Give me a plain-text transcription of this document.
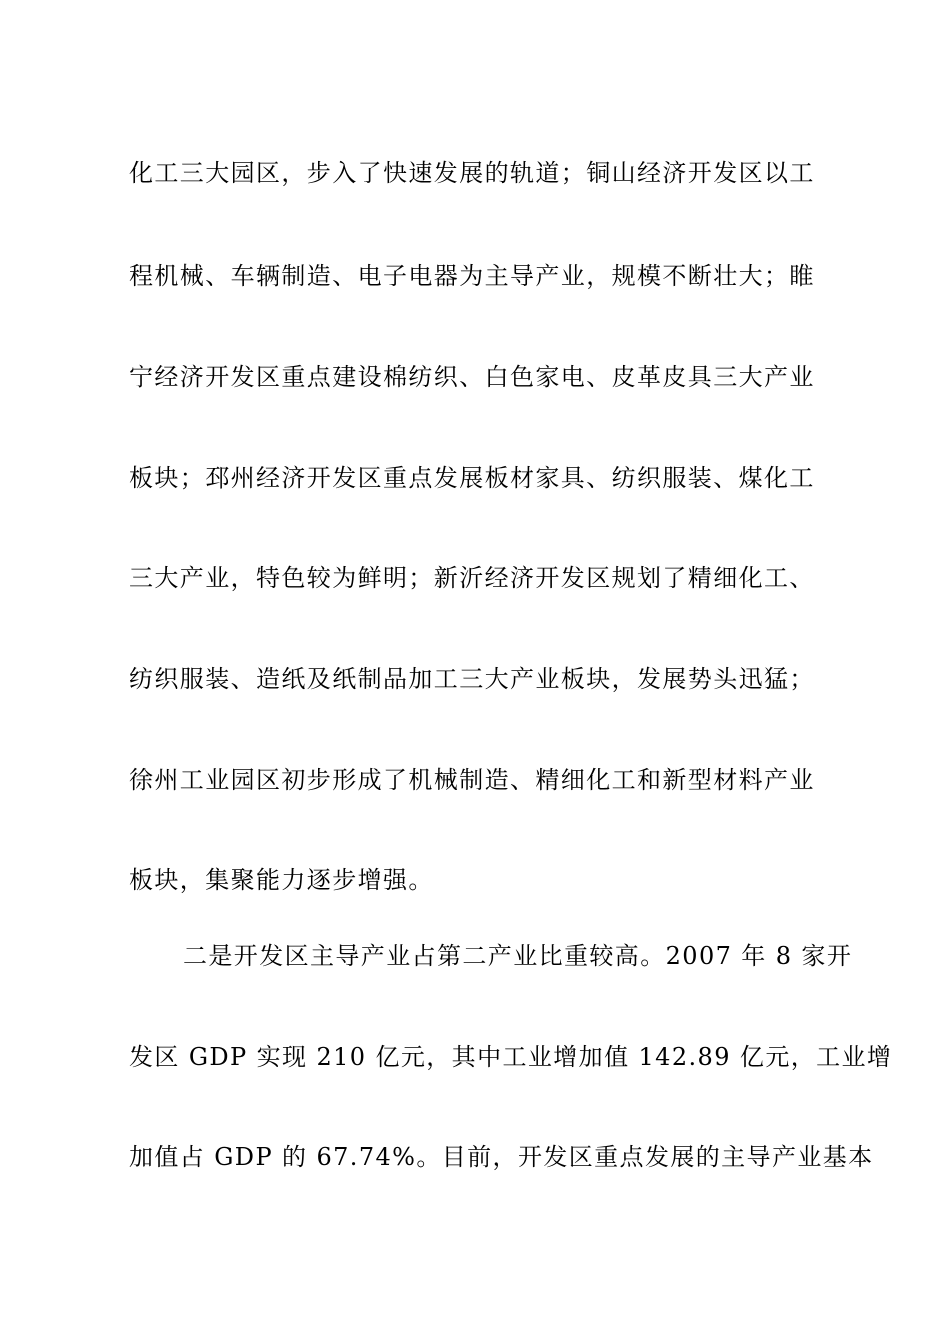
化工三大园区，步入了快速发展的轨道；铜山经济开发区以工
程机械、车辆制造、电子电器为主导产业，规模不断壮大；睢
宁经济开发区重点建设棉纺织、白色家电、皮革皮具三大产业
板块；邳州经济开发区重点发展板材家具、纺织服装、煤化工
三大产业，特色较为鲜明；新沂经济开发区规划了精细化工、
纺织服装、造纸及纸制品加工三大产业板块，发展势头迅猛；
徐州工业园区初步形成了机械制造、精细化工和新型材料产业
板块，集聚能力逐步增强。
二是开发区主导产业占第二产业比重较高。2007 年 8 家开
发区 GDP 实现 210 亿元，其中工业增加值 142.89 亿元，工业增
加值占 GDP 的 67.74%。目前，开发区重点发展的主导产业基本
